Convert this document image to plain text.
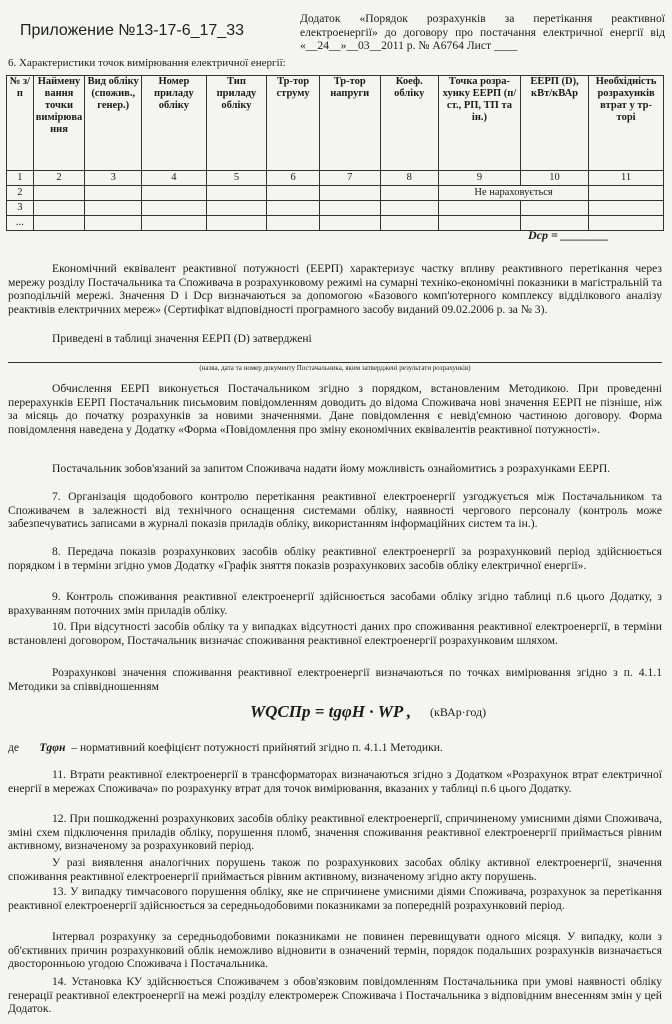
Приложение №13-17-6_17_33
Додаток «Порядок розрахунків за перетікання реактивної електроенергії» до договору про постачання електричної енергії від «__24__»__03__2011 р. № А6764 Лист ____
6. Характеристики точок вимірювання електричної енергії:
№ з/п	Наймену вання точки вимірюва ння	Вид обліку (спожив., генер.)	Номер приладу обліку	Тип приладу обліку	Тр-тор струму	Тр-тор напруги	Коеф. обліку	Точка розра-хунку ЕЕРП (п/ст., РП, ТП та ін.)	ЕЕРП (D), кВт/кВАр	Необхідність розрахунків втрат у тр-торі
1	2	3	4	5	6	7	8	9	10	11
2								Не нараховується		
3										
...										
Dср = ________
Економічний еквівалент реактивної потужності (ЕЕРП) характеризує частку впливу реактивного перетікання через мережу розділу Постачальника та Споживача в розрахунковому режимі на сумарні техніко-економічні показники в магістральній та розподільчій мережі. Значення D і Dср визначаються за допомогою «Базового комп'ютерного комплексу відділкового аналізу реактивів електричних мереж» (Сертифікат відповідності програмного засобу виданий 09.02.2006 р. за № 3).
Приведені в таблиці значення ЕЕРП (D) затверджені
(назва, дата та номер документу Постачальника, яким затверджені результати розрахунків)
Обчислення ЕЕРП виконується Постачальником згідно з порядком, встановленим Методикою. При проведенні перерахунків ЕЕРП Постачальник письмовим повідомленням доводить до відома Споживача нові значення ЕЕРП не пізніше, ніж за місяць до початку розрахунків за новими значеннями. Дане повідомлення є невід'ємною частиною договору. Форма повідомлення наведена у Додатку «Форма «Повідомлення про зміну економічних еквівалентів реактивної потужності».
Постачальник зобов'язаний за запитом Споживача надати йому можливість ознайомитись з розрахунками ЕЕРП.
7. Організація щодобового контролю перетікання реактивної електроенергії узгоджується між Постачальником та Споживачем в залежності від технічного оснащення системами обліку, наявності чергового персоналу (контроль може забезпечуватись записами в журналі показів приладів обліку, використанням інформаційних систем та ін.).
8. Передача показів розрахункових засобів обліку реактивної електроенергії за розрахунковий період здійснюється порядком і в терміни згідно умов Додатку «Графік зняття показів розрахункових засобів обліку електричної енергії».
9. Контроль споживання реактивної електроенергії здійснюється засобами обліку згідно таблиці п.6 цього Додатку, з врахуванням поточних змін приладів обліку.
10. При відсутності засобів обліку та у випадках відсутності даних про споживання реактивної електроенергії, в терміни встановлені договором, Постачальник визначає споживання реактивної електроенергії розрахунковим шляхом.
Розрахункові значення споживання реактивної електроенергії визначаються по точках вимірювання згідно з п. 4.1.1 Методики за співвідношенням
WQСПр = tgφН · WP , (кВАр·год)
де Tgφн – нормативний коефіцієнт потужності прийнятий згідно п. 4.1.1 Методики.
11. Втрати реактивної електроенергії в трансформаторах визначаються згідно з Додатком «Розрахунок втрат електричної енергії в мережах Споживача» по розрахунку втрат для точок вимірювання, вказаних у таблиці п.6 цього Додатку.
12. При пошкодженні розрахункових засобів обліку реактивної електроенергії, спричиненому умисними діями Споживача, зміні схем підключення приладів обліку, порушення пломб, значення споживання реактивної електроенергії приймається рівним активному, визначеному за розрахунковий період.
У разі виявлення аналогічних порушень також по розрахункових засобах обліку активної електроенергії, значення споживання реактивної електроенергії приймається рівним активному, визначеному згідно акту порушень.
13. У випадку тимчасового порушення обліку, яке не спричинене умисними діями Споживача, розрахунок за перетікання реактивної електроенергії здійснюється за середньодобовими показниками за попередній розрахунковий період.
Інтервал розрахунку за середньодобовими показниками не повинен перевищувати одного місяця. У випадку, коли з об'єктивних причин розрахунковий облік неможливо відновити в означений термін, порядок подальших розрахунків визначається двосторонньою угодою Споживача і Постачальника.
14. Установка КУ здійснюється Споживачем з обов'язковим повідомленням Постачальника при умові наявності обліку генерації реактивної електроенергії на межі розділу електромереж Споживача і Постачальника з відповідним внесенням змін у цей Додаток.
